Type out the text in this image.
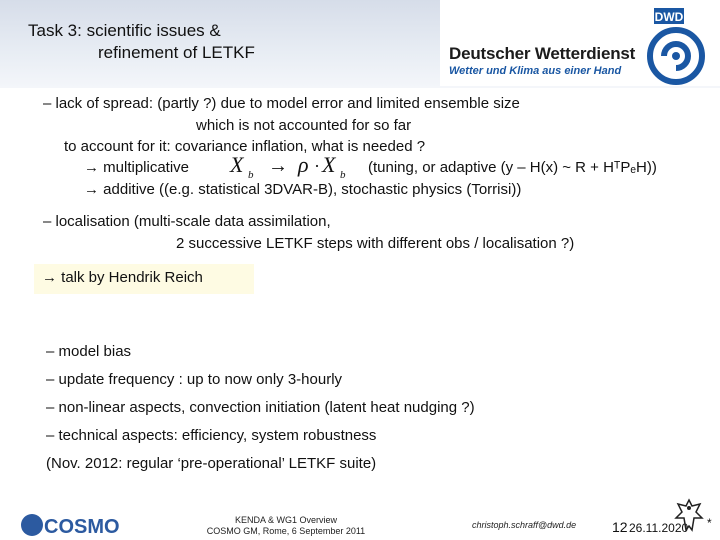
Task 3: scientific issues &
refinement of LETKF	Deutscher Wetterdienst
Wetter und Klima aus einer Hand
DWD
– lack of spread: (partly ?) due to model error and limited ensemble size
which is not accounted for so far
to account for it: covariance inflation, what is needed ?
→ multiplicative X b → ρ · X b (tuning, or adaptive (y – H(x) ~ R + HᵀPₑH))
→ additive ((e.g. statistical 3DVAR-B), stochastic physics (Torrisi))
– localisation (multi-scale data assimilation,
2 successive LETKF steps with different obs / localisation ?)
→ talk by Hendrik Reich
– model bias
– update frequency : up to now only 3-hourly
– non-linear aspects, convection initiation (latent heat nudging ?)
– technical aspects: efficiency, system robustness
(Nov. 2012: regular ‘pre-operational’ LETKF suite)
COSMO	KENDA & WG1 Overview
COSMO GM, Rome, 6 September 2011
christoph.schraff@dwd.de	12 26.11.2020 *
